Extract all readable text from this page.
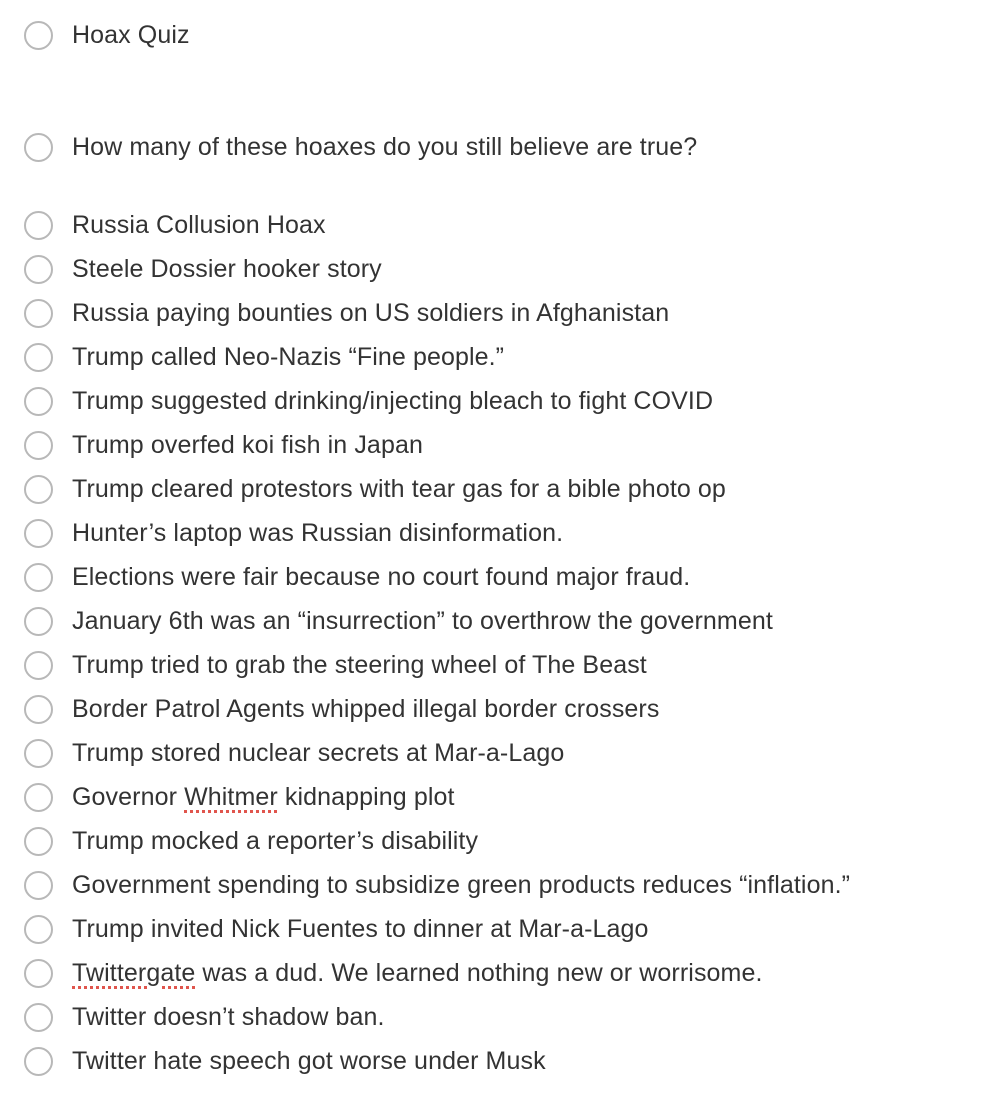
Hoax Quiz
How many of these hoaxes do you still believe are true?
Russia Collusion Hoax
Steele Dossier hooker story
Russia paying bounties on US soldiers in Afghanistan
Trump called Neo-Nazis “Fine people.”
Trump suggested drinking/injecting bleach to fight COVID
Trump overfed koi fish in Japan
Trump cleared protestors with tear gas for a bible photo op
Hunter’s laptop was Russian disinformation.
Elections were fair because no court found major fraud.
January 6th was an “insurrection” to overthrow the government
Trump tried to grab the steering wheel of The Beast
Border Patrol Agents whipped illegal border crossers
Trump stored nuclear secrets at Mar-a-Lago
Governor Whitmer kidnapping plot
Trump mocked a reporter’s disability
Government spending to subsidize green products reduces “inflation.”
Trump invited Nick Fuentes to dinner at Mar-a-Lago
Twittergate was a dud. We learned nothing new or worrisome.
Twitter doesn’t shadow ban.
Twitter hate speech got worse under Musk
